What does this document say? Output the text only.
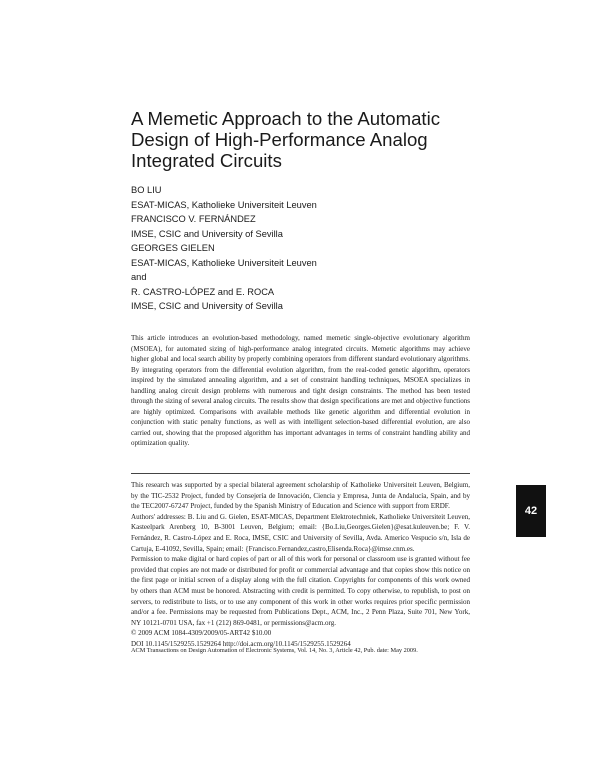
A Memetic Approach to the Automatic Design of High-Performance Analog Integrated Circuits
BO LIU
ESAT-MICAS, Katholieke Universiteit Leuven
FRANCISCO V. FERNÁNDEZ
IMSE, CSIC and University of Sevilla
GEORGES GIELEN
ESAT-MICAS, Katholieke Universiteit Leuven
and
R. CASTRO-LÓPEZ and E. ROCA
IMSE, CSIC and University of Sevilla
This article introduces an evolution-based methodology, named memetic single-objective evolutionary algorithm (MSOEA), for automated sizing of high-performance analog integrated circuits. Memetic algorithms may achieve higher global and local search ability by properly combining operators from different standard evolutionary algorithms. By integrating operators from the differential evolution algorithm, from the real-coded genetic algorithm, operators inspired by the simulated annealing algorithm, and a set of constraint handling techniques, MSOEA specializes in handling analog circuit design problems with numerous and tight design constraints. The method has been tested through the sizing of several analog circuits. The results show that design specifications are met and objective functions are highly optimized. Comparisons with available methods like genetic algorithm and differential evolution in conjunction with static penalty functions, as well as with intelligent selection-based differential evolution, are also carried out, showing that the proposed algorithm has important advantages in terms of constraint handling ability and optimization quality.

This research was supported by a special bilateral agreement scholarship of Katholieke Universiteit Leuven, Belgium, by the TIC-2532 Project, funded by Consejería de Innovación, Ciencia y Empresa, Junta de Andalucía, Spain, and by the TEC2007-67247 Project, funded by the Spanish Ministry of Education and Science with support from ERDF.

Authors' addresses: B. Liu and G. Gielen, ESAT-MICAS, Department Elektrotechniek, Katholieke Universiteit Leuven, Kasteelpark Arenberg 10, B-3001 Leuven, Belgium; email: {Bo.Liu,Georges.Gielen}@esat.kuleuven.be; F. V. Fernández, R. Castro-López and E. Roca, IMSE, CSIC and University of Sevilla, Avda. Americo Vespucio s/n, Isla de Cartuja, E-41092, Sevilla, Spain; email: {Francisco.Fernandez,castro,Elisenda.Roca}@imse.cnm.es.

Permission to make digital or hard copies of part or all of this work for personal or classroom use is granted without fee provided that copies are not made or distributed for profit or commercial advantage and that copies show this notice on the first page or initial screen of a display along with the full citation. Copyrights for components of this work owned by others than ACM must be honored. Abstracting with credit is permitted. To copy otherwise, to republish, to post on servers, to redistribute to lists, or to use any component of this work in other works requires prior specific permission and/or a fee. Permissions may be requested from Publications Dept., ACM, Inc., 2 Penn Plaza, Suite 701, New York, NY 10121-0701 USA, fax +1 (212) 869-0481, or permissions@acm.org.

© 2009 ACM 1084-4309/2009/05-ART42 $10.00

DOI 10.1145/1529255.1529264 http://doi.acm.org/10.1145/1529255.1529264

ACM Transactions on Design Automation of Electronic Systems, Vol. 14, No. 3, Article 42, Pub. date: May 2009.
42
